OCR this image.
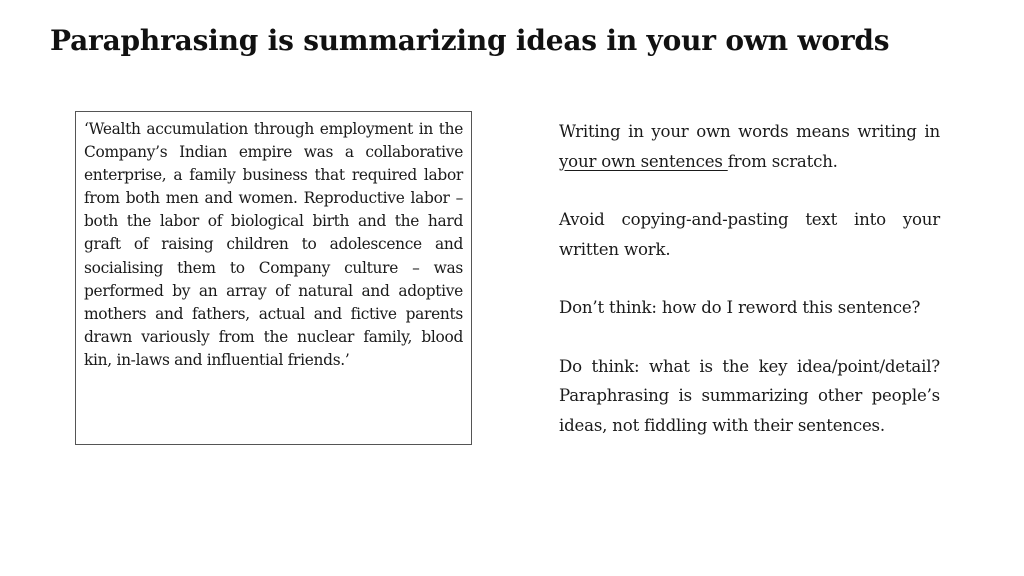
Paraphrasing is summarizing ideas in your own words

‘Wealth accumulation through employment in the Company’s Indian empire was a collaborative enterprise, a family business that required labor from both men and women. Reproductive labor – both the labor of biological birth and the hard graft of raising children to adolescence and socialising them to Company culture – was performed by an array of natural and adoptive mothers and fathers, actual and fictive parents drawn variously from the nuclear family, blood kin, in-laws and influential friends.’

Writing in your own words means writing in your own sentences from scratch.

Avoid copying-and-pasting text into your written work.

Don’t think: how do I reword this sentence?

Do think: what is the key idea/point/detail? Paraphrasing is summarizing other people’s ideas, not fiddling with their sentences.
